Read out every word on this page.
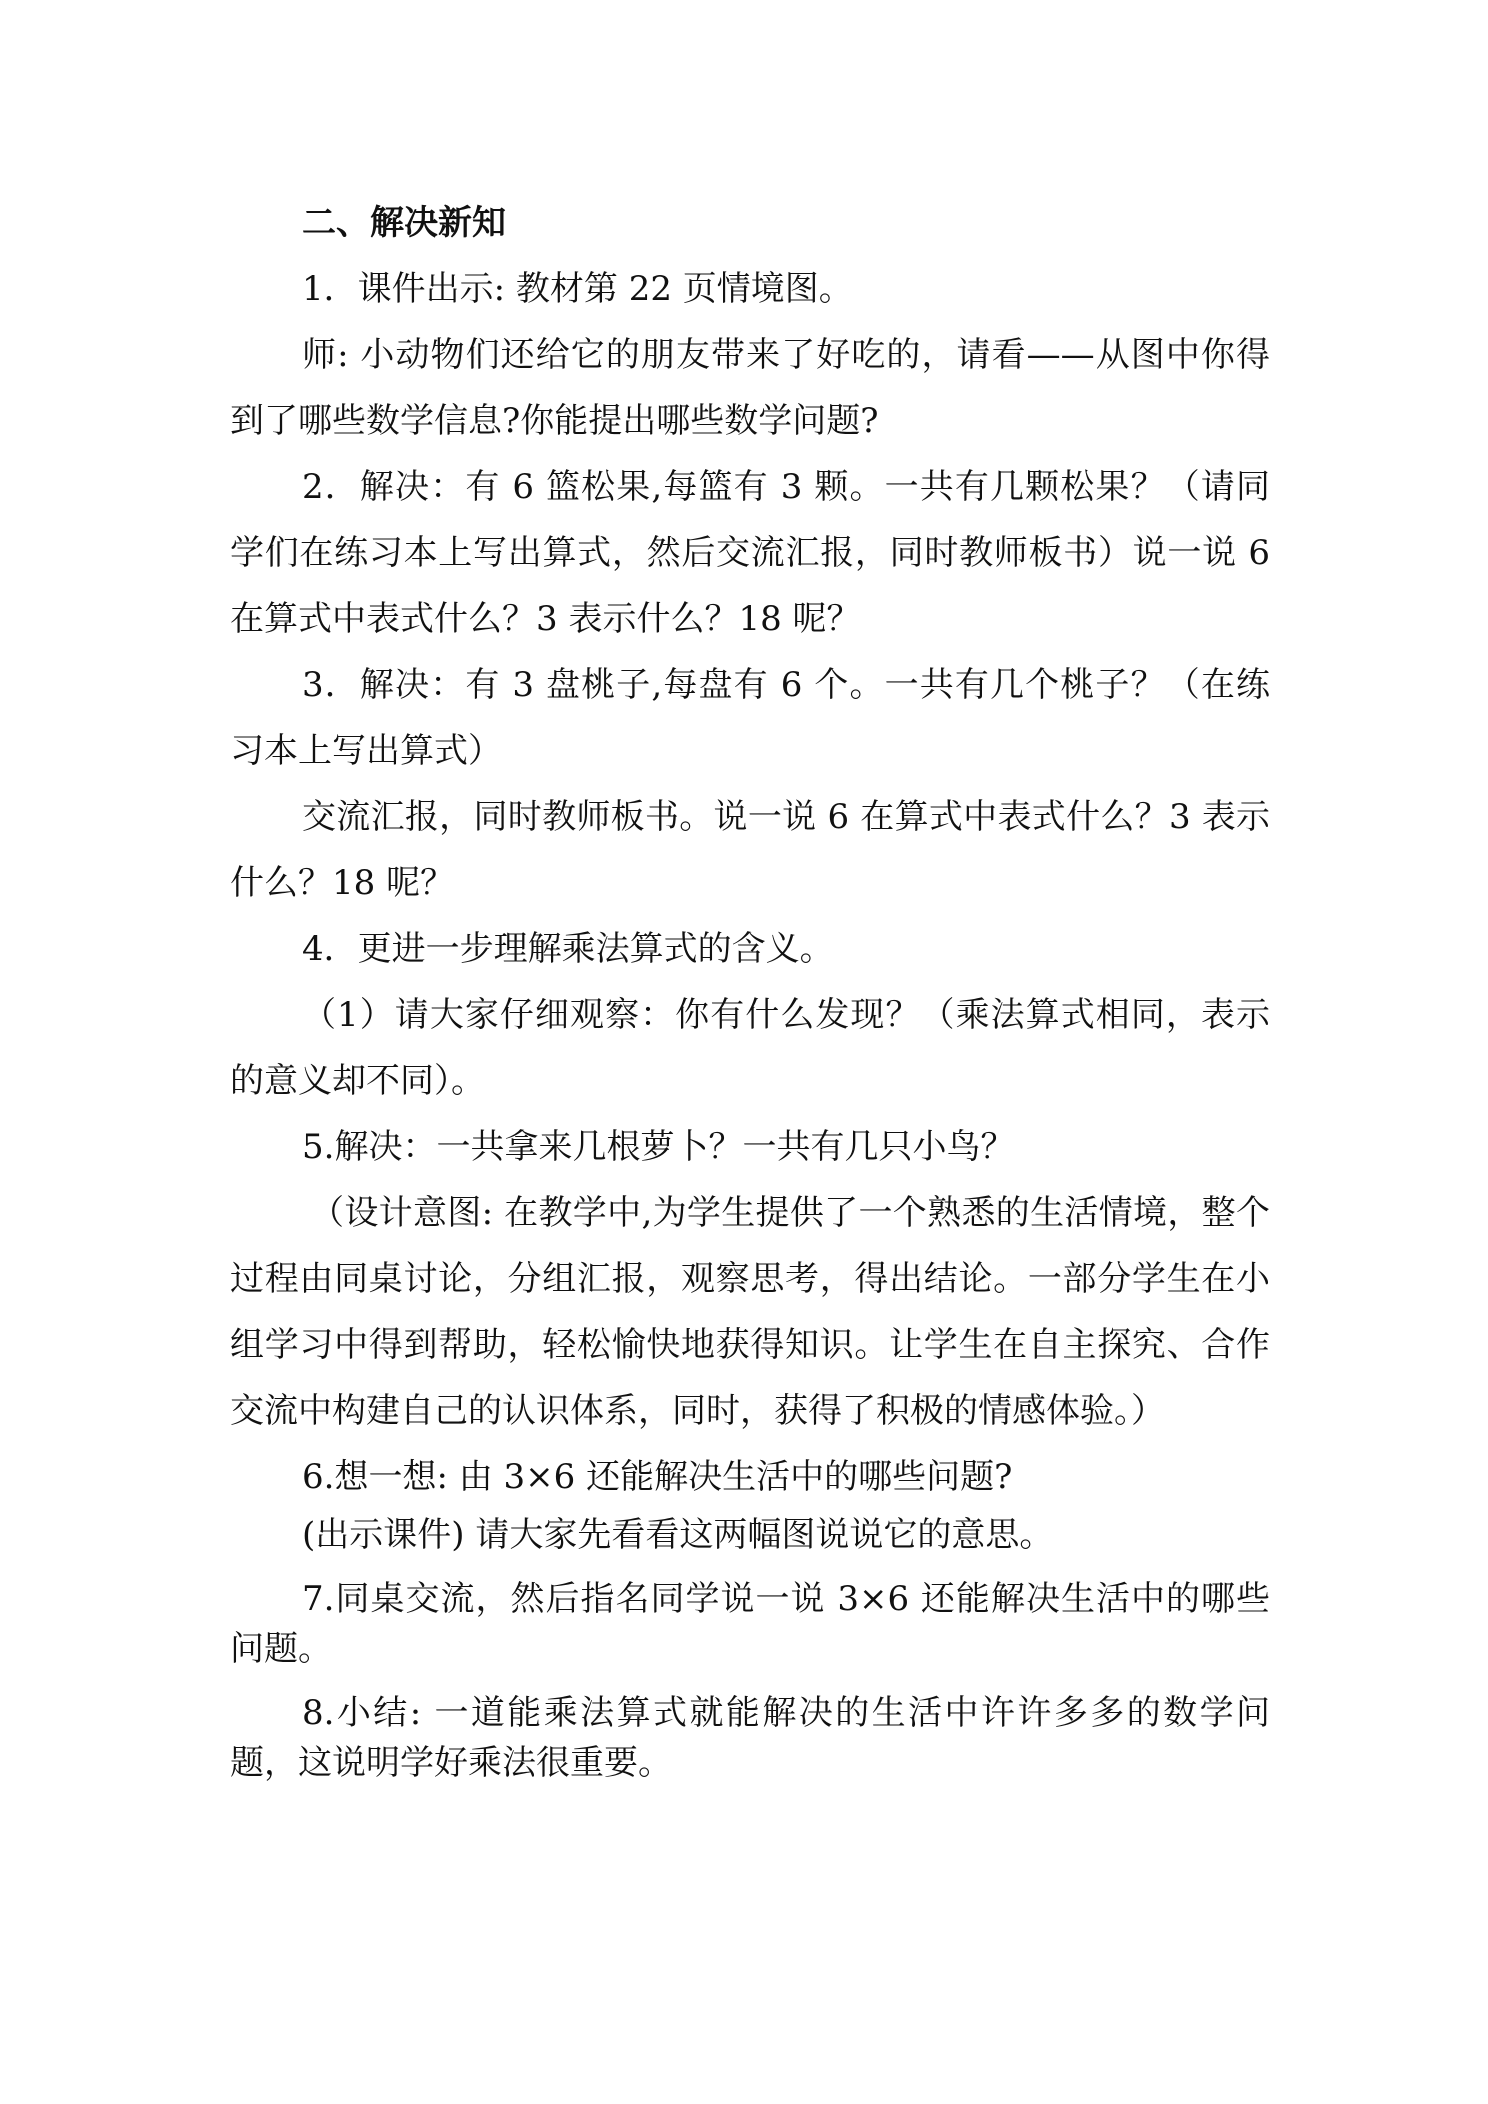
二、解决新知

1．课件出示: 教材第 22 页情境图。

师: 小动物们还给它的朋友带来了好吃的，请看——从图中你得到了哪些数学信息?你能提出哪些数学问题?

2．解决：有 6 篮松果,每篮有 3 颗。一共有几颗松果？（请同学们在练习本上写出算式，然后交流汇报，同时教师板书）说一说 6 在算式中表式什么？3 表示什么？18 呢？

3．解决：有 3 盘桃子,每盘有 6 个。一共有几个桃子？（在练习本上写出算式）

交流汇报，同时教师板书。说一说 6 在算式中表式什么？3 表示什么？18 呢？

4．更进一步理解乘法算式的含义。

（1）请大家仔细观察：你有什么发现？（乘法算式相同，表示的意义却不同）。

5.解决：一共拿来几根萝卜？一共有几只小鸟？

（设计意图: 在教学中,为学生提供了一个熟悉的生活情境，整个过程由同桌讨论，分组汇报，观察思考，得出结论。一部分学生在小组学习中得到帮助，轻松愉快地获得知识。让学生在自主探究、合作交流中构建自己的认识体系，同时，获得了积极的情感体验。）

6.想一想: 由 3×6 还能解决生活中的哪些问题?

(出示课件) 请大家先看看这两幅图说说它的意思。

7.同桌交流，然后指名同学说一说 3×6 还能解决生活中的哪些问题。

8.小结: 一道能乘法算式就能解决的生活中许许多多的数学问题，这说明学好乘法很重要。
